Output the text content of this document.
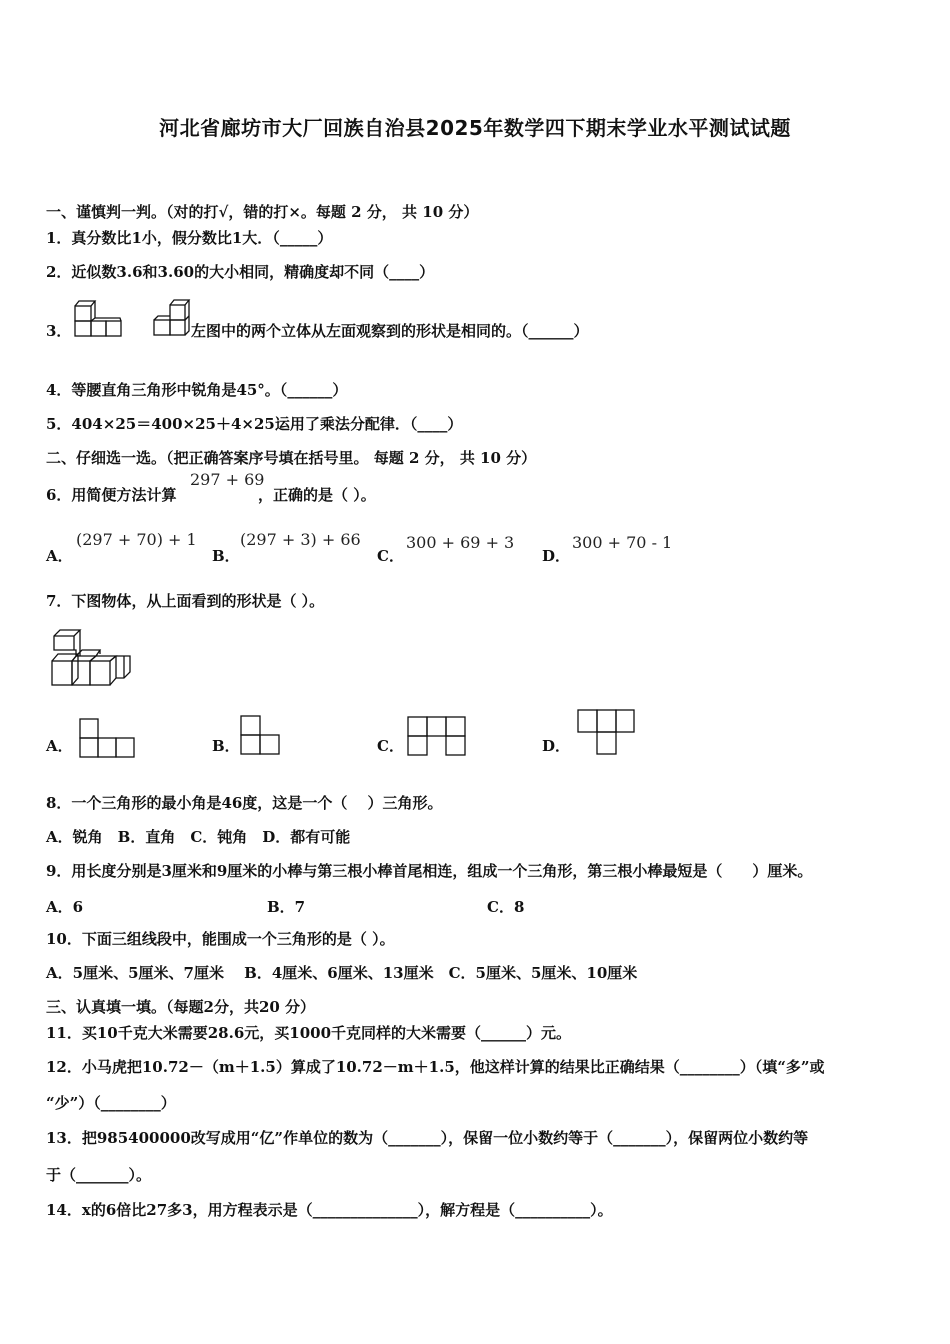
河北省廊坊市大厂回族自治县2025年数学四下期末学业水平测试试题
一、谨慎判一判。（对的打√，错的打×。每题 2 分， 共 10 分）
1．真分数比1小，假分数比1大．（_____）
2．近似数3.6和3.60的大小相同，精确度却不同（____）
3．	左图中的两个立体从左面观察到的形状是相同的。（______）
4．等腰直角三角形中锐角是45°。（______）
5．404×25＝400×25＋4×25运用了乘法分配律．（____）
二、仔细选一选。（把正确答案序号填在括号里。 每题 2 分， 共 10 分）
6．用简便方法计算
297 + 69
，正确的是（ ）。
A．
(297 + 70) + 1
B．
(297 + 3) + 66
C．
300 + 69 + 3
D．
300 + 70 - 1
7．下图物体，从上面看到的形状是（ ）。
A．	B．	C．	D．
8．一个三角形的最小角是46度，这是一个（　 ）三角形。
A．锐角　B．直角　C．钝角　D．都有可能
9．用长度分别是3厘米和9厘米的小棒与第三根小棒首尾相连，组成一个三角形，第三根小棒最短是（　　）厘米。
A．6	B．7	C．8
10．下面三组线段中，能围成一个三角形的是（ ）。
A．5厘米、5厘米、7厘米　 B．4厘米、6厘米、13厘米　C．5厘米、5厘米、10厘米
三、认真填一填。（每题2分，共20 分）
11．买10千克大米需要28.6元，买1000千克同样的大米需要（______）元。
12．小马虎把10.72－（m＋1.5）算成了10.72－m＋1.5，他这样计算的结果比正确结果（________）（填“多”或
“少”）（________）
13．把985400000改写成用“亿”作单位的数为（_______），保留一位小数约等于（_______），保留两位小数约等
于（_______）。
14．x的6倍比27多3，用方程表示是（______________），解方程是（__________）。
